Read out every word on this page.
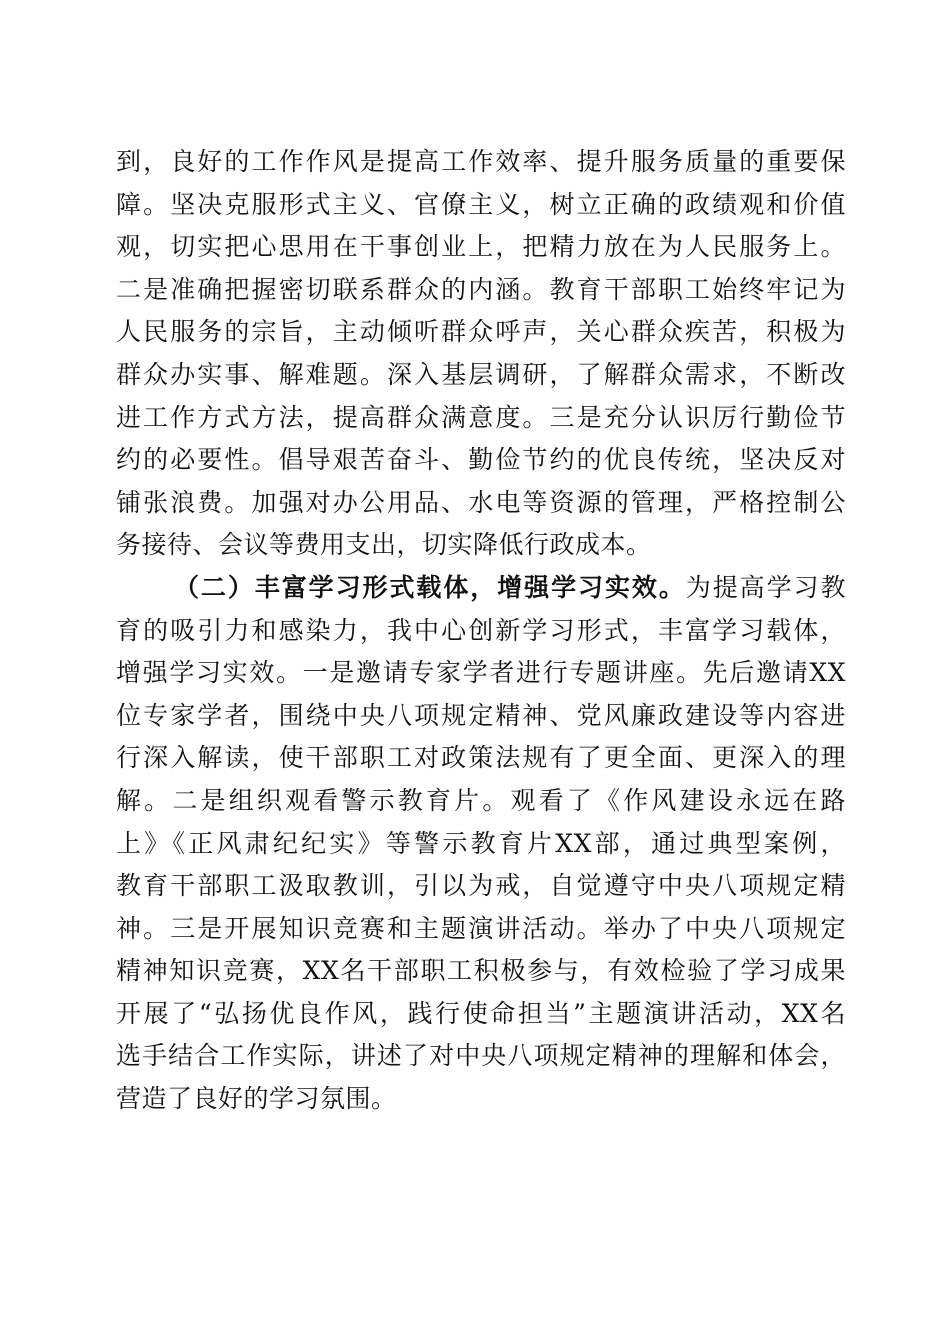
到，良好的工作作风是提高工作效率、提升服务质量的重要保
障。坚决克服形式主义、官僚主义，树立正确的政绩观和价值
观，切实把心思用在干事创业上，把精力放在为人民服务上。
二是准确把握密切联系群众的内涵。教育干部职工始终牢记为
人民服务的宗旨，主动倾听群众呼声，关心群众疾苦，积极为
群众办实事、解难题。深入基层调研，了解群众需求，不断改
进工作方式方法，提高群众满意度。三是充分认识厉行勤俭节
约的必要性。倡导艰苦奋斗、勤俭节约的优良传统，坚决反对
铺张浪费。加强对办公用品、水电等资源的管理，严格控制公
务接待、会议等费用支出，切实降低行政成本。
（二）丰富学习形式载体，增强学习实效。为提高学习教
育的吸引力和感染力，我中心创新学习形式，丰富学习载体，
增强学习实效。一是邀请专家学者进行专题讲座。先后邀请XX
位专家学者，围绕中央八项规定精神、党风廉政建设等内容进
行深入解读，使干部职工对政策法规有了更全面、更深入的理
解。二是组织观看警示教育片。观看了《作风建设永远在路
上》《正风肃纪纪实》等警示教育片XX部，通过典型案例，
教育干部职工汲取教训，引以为戒，自觉遵守中央八项规定精
神。三是开展知识竞赛和主题演讲活动。举办了中央八项规定
精神知识竞赛，XX名干部职工积极参与，有效检验了学习成果
开展了“弘扬优良作风，践行使命担当”主题演讲活动，XX名
选手结合工作实际，讲述了对中央八项规定精神的理解和体会，
营造了良好的学习氛围。
